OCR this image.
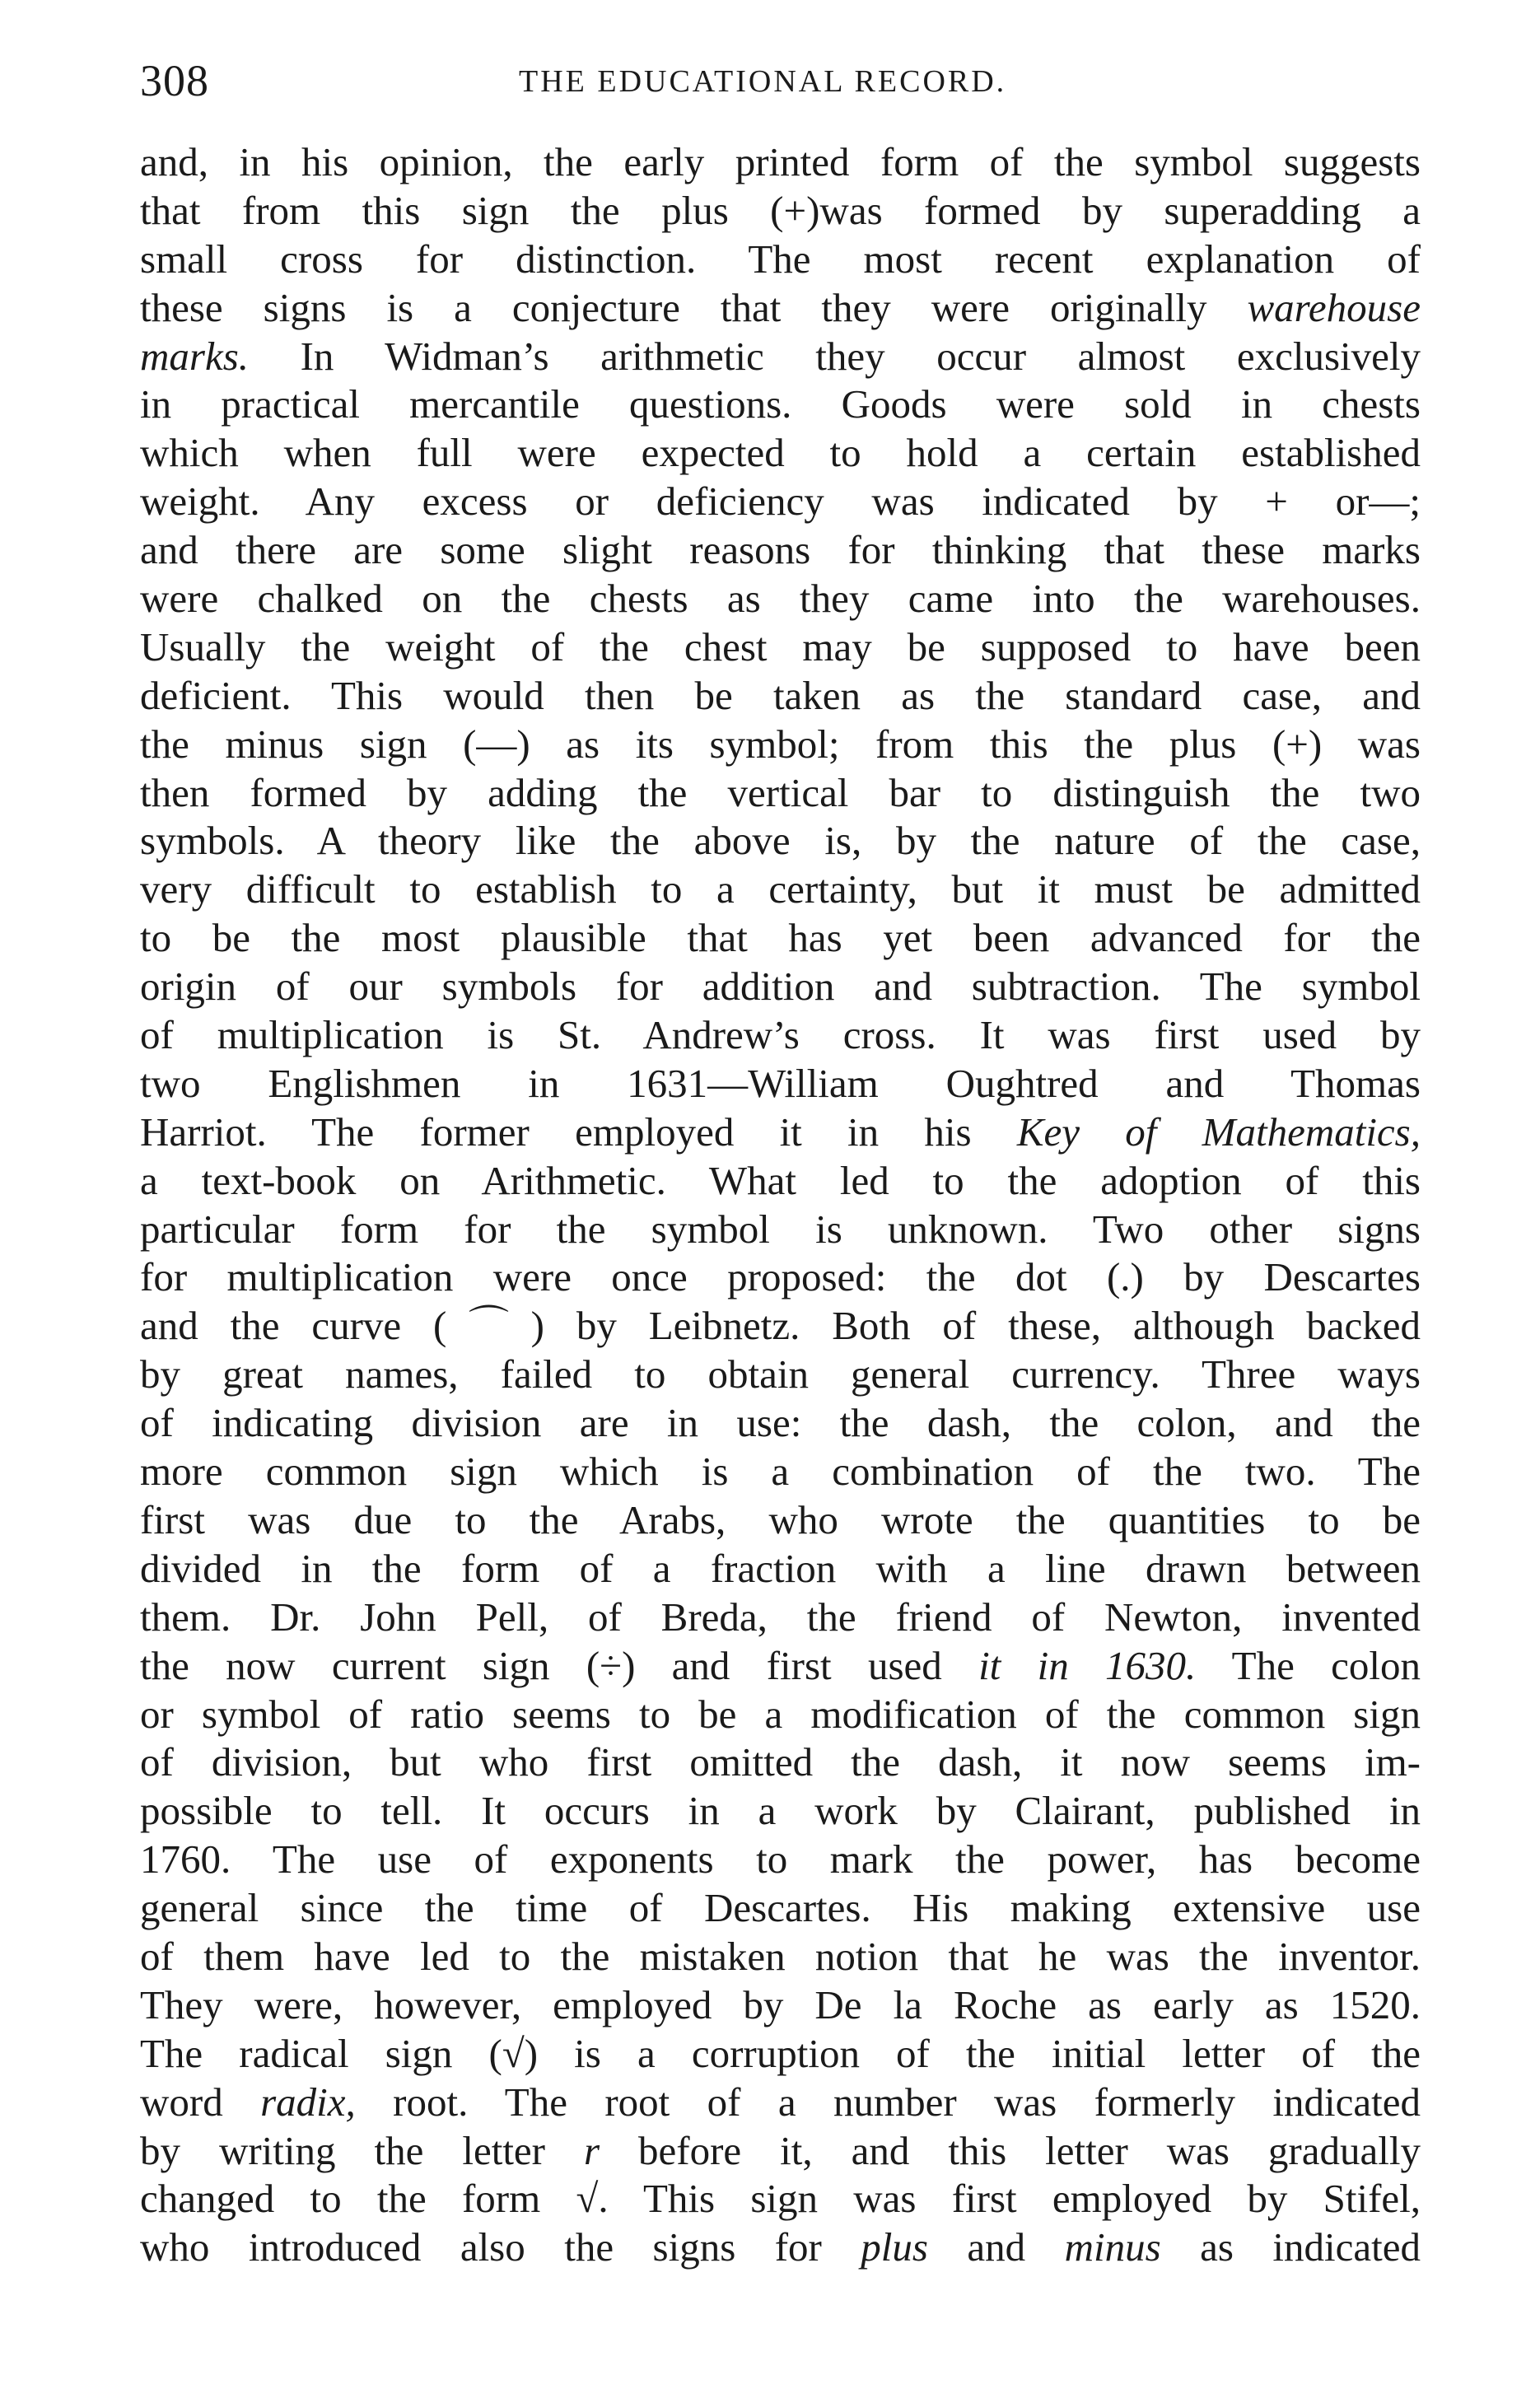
308	THE EDUCATIONAL RECORD.
and, in his opinion, the early printed form of the symbol suggests
that from this sign the plus (+)was formed by superadding a
small cross for distinction. The most recent explanation of
these signs is a conjecture that they were originally warehouse
marks. In Widman’s arithmetic they occur almost exclusively
in practical mercantile questions. Goods were sold in chests
which when full were expected to hold a certain established
weight. Any excess or deficiency was indicated by + or—;
and there are some slight reasons for thinking that these marks
were chalked on the chests as they came into the warehouses.
Usually the weight of the chest may be supposed to have been
deficient. This would then be taken as the standard case, and
the minus sign (—) as its symbol; from this the plus (+) was
then formed by adding the vertical bar to distinguish the two
symbols. A theory like the above is, by the nature of the case,
very difficult to establish to a certainty, but it must be admitted
to be the most plausible that has yet been advanced for the
origin of our symbols for addition and subtraction. The symbol
of multiplication is St. Andrew’s cross. It was first used by
two Englishmen in 1631—William Oughtred and Thomas
Harriot. The former employed it in his Key of Mathematics,
a text-book on Arithmetic. What led to the adoption of this
particular form for the symbol is unknown. Two other signs
for multiplication were once proposed: the dot (.) by Descartes
and the curve (⌒) by Leibnetz. Both of these, although backed
by great names, failed to obtain general currency. Three ways
of indicating division are in use: the dash, the colon, and the
more common sign which is a combination of the two. The
first was due to the Arabs, who wrote the quantities to be
divided in the form of a fraction with a line drawn between
them. Dr. John Pell, of Breda, the friend of Newton, invented
the now current sign (÷) and first used it in 1630. The colon
or symbol of ratio seems to be a modification of the common sign
of division, but who first omitted the dash, it now seems im-
possible to tell. It occurs in a work by Clairant, published in
1760. The use of exponents to mark the power, has become
general since the time of Descartes. His making extensive use
of them have led to the mistaken notion that he was the inventor.
They were, however, employed by De la Roche as early as 1520.
The radical sign (√) is a corruption of the initial letter of the
word radix, root. The root of a number was formerly indicated
by writing the letter r before it, and this letter was gradually
changed to the form √. This sign was first employed by Stifel,
who introduced also the signs for plus and minus as indicated
